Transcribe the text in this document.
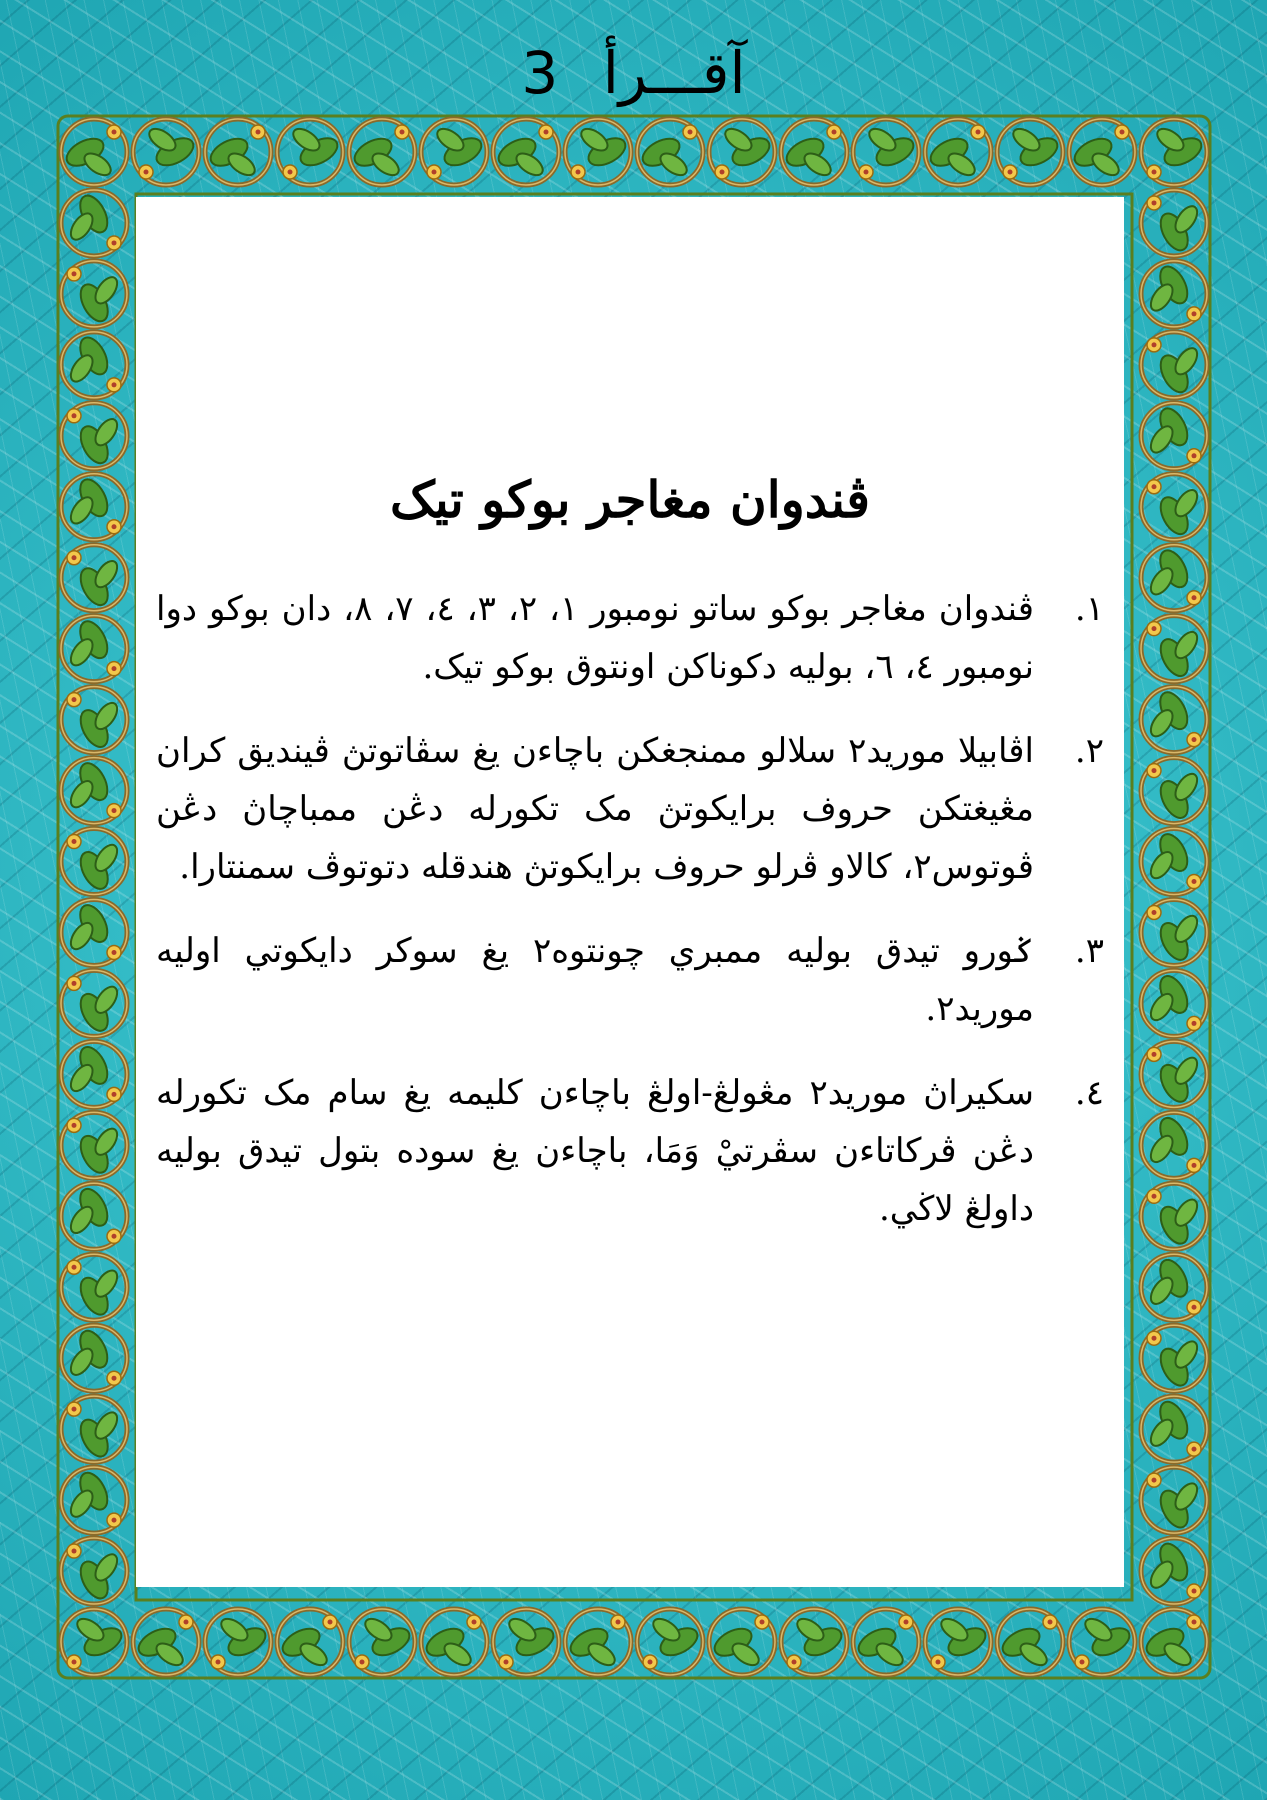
3 آقـــرأ
ڤندوان مغاجر بوكو تيک
١.
ڤندوان مغاجر بوكو ساتو نومبور ١، ٢، ٣، ٤، ٧، ٨، دان بوكو دوا نومبور ٤، ٦، بوليه دكوناكن اونتوق بوكو تيک.
٢.
اڤابيلا موريد٢ سلالو ممنجغكن باچاءن يغ سڤاتوتڽ ڤينديق كران مڠيغتكن حروف برايكوتڽ مک تكورله دڠن ممباچاڽ دڠن ڤوتوس٢، كالاو ڤرلو حروف برايكوتڽ هندقله دتوتوڤ سمنتارا.
٣.
ݢورو تيدق بوليه ممبري چونتوه٢ يغ سوكر دايكوتي اوليه موريد٢.
٤.
سكيراڽ موريد٢ مڠولڠ-اولڠ باچاءن كليمه يغ سام مک تكورله دڠن ڤركاتاءن سڤرتيْ وَمَا، باچاءن يغ سوده بتول تيدق بوليه داولڠ لاڬي.
